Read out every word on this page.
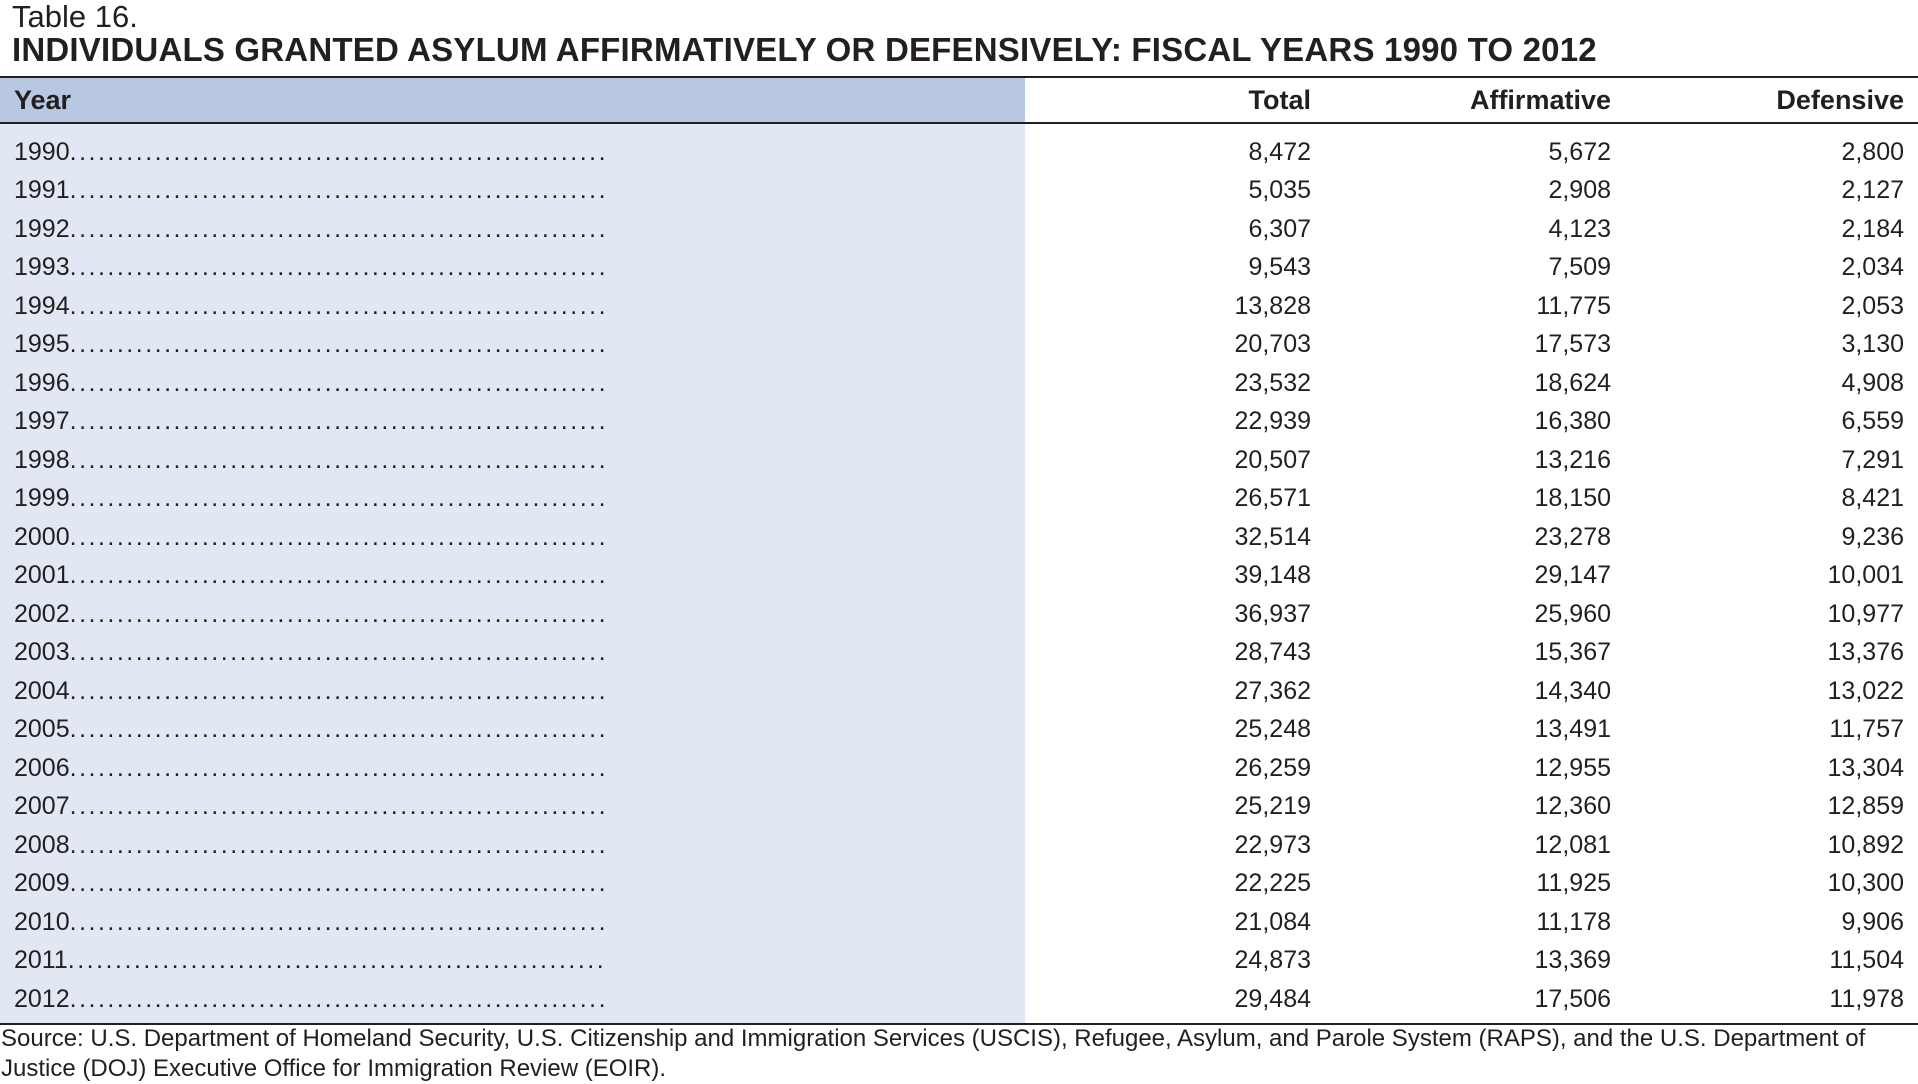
Table 16.
INDIVIDUALS GRANTED ASYLUM AFFIRMATIVELY OR DEFENSIVELY: FISCAL YEARS 1990 TO 2012
Year	Total	Affirmative	Defensive
1990.........................................................	8,472	5,672	2,800
1991.........................................................	5,035	2,908	2,127
1992.........................................................	6,307	4,123	2,184
1993.........................................................	9,543	7,509	2,034
1994.........................................................	13,828	11,775	2,053
1995.........................................................	20,703	17,573	3,130
1996.........................................................	23,532	18,624	4,908
1997.........................................................	22,939	16,380	6,559
1998.........................................................	20,507	13,216	7,291
1999.........................................................	26,571	18,150	8,421
2000.........................................................	32,514	23,278	9,236
2001.........................................................	39,148	29,147	10,001
2002.........................................................	36,937	25,960	10,977
2003.........................................................	28,743	15,367	13,376
2004.........................................................	27,362	14,340	13,022
2005.........................................................	25,248	13,491	11,757
2006.........................................................	26,259	12,955	13,304
2007.........................................................	25,219	12,360	12,859
2008.........................................................	22,973	12,081	10,892
2009.........................................................	22,225	11,925	10,300
2010.........................................................	21,084	11,178	9,906
2011.........................................................	24,873	13,369	11,504
2012.........................................................	29,484	17,506	11,978
Source: U.S. Department of Homeland Security, U.S. Citizenship and Immigration Services (USCIS), Refugee, Asylum, and Parole System (RAPS), and the U.S. Department of Justice (DOJ) Executive Office for Immigration Review (EOIR).
